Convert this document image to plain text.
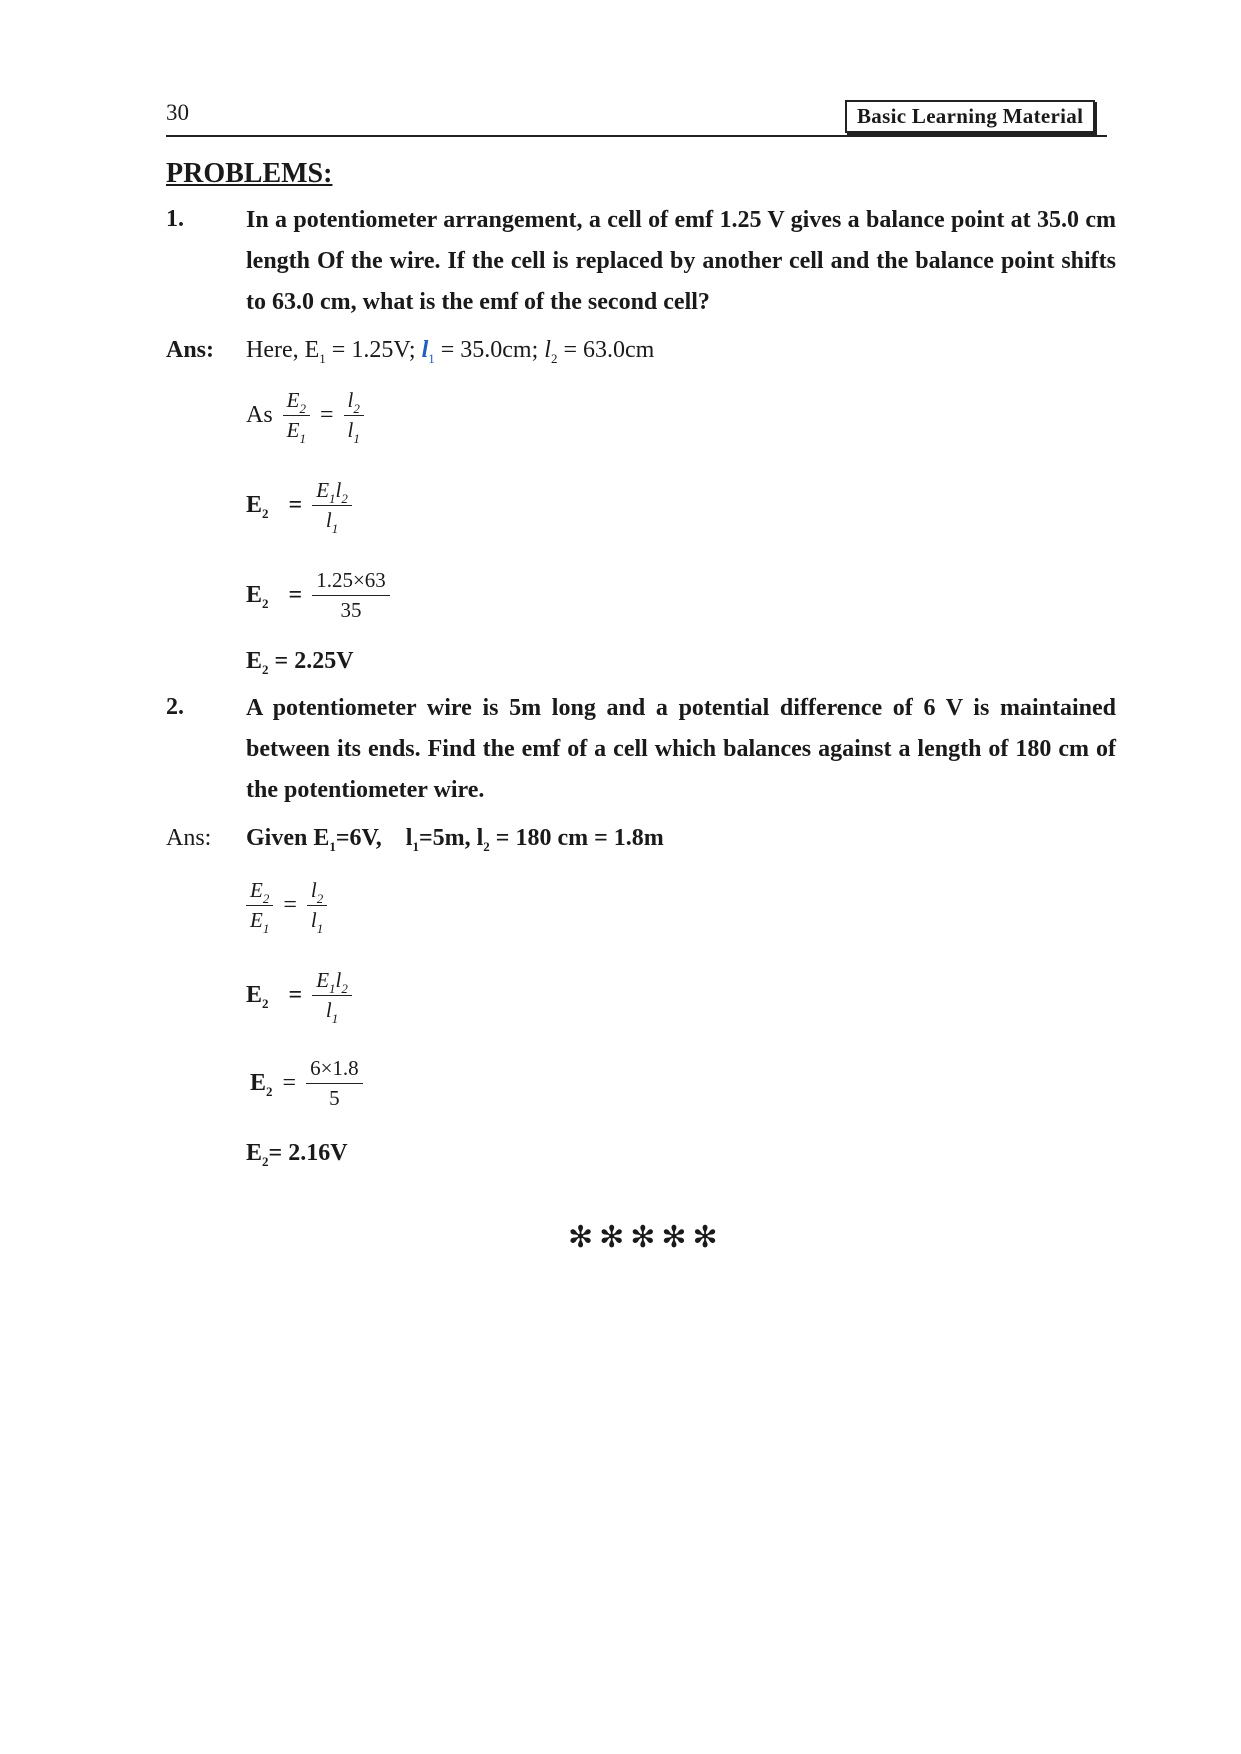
30	Basic Learning Material
PROBLEMS:
1.	In a potentiometer arrangement, a cell of emf 1.25 V gives a balance point at 35.0 cm length Of the wire. If the cell is replaced by another cell and the balance point shifts to 63.0 cm, what is the emf of the second cell?
Ans: Here, $E_1 = 1.25V$; $l_1 = 35.0cm$; $l_2 = 63.0cm$
As $\frac{E_2}{E_1} = \frac{l_2}{l_1}$
$E_2 = \frac{E_1l_2}{l_1}$
$E_2 = \frac{1.25\times 63}{35}$
$E_2 = 2.25V$
2.	A potentiometer wire is 5m long and a potential difference of 6 V is maintained between its ends. Find the emf of a cell which balances against a length of 180 cm of the potentiometer wire.
Ans: Given $E_1=6V$,    $l_1=5m$, $l_2 = 180$ cm = 1.8m
$\frac{E_2}{E_1} = \frac{l_2}{l_1}$
$E_2 = \frac{E_1l_2}{l_1}$
$E_2 = \frac{6\times 1.8}{5}$
$E_2= 2.16V$
✻✻✻✻✻
